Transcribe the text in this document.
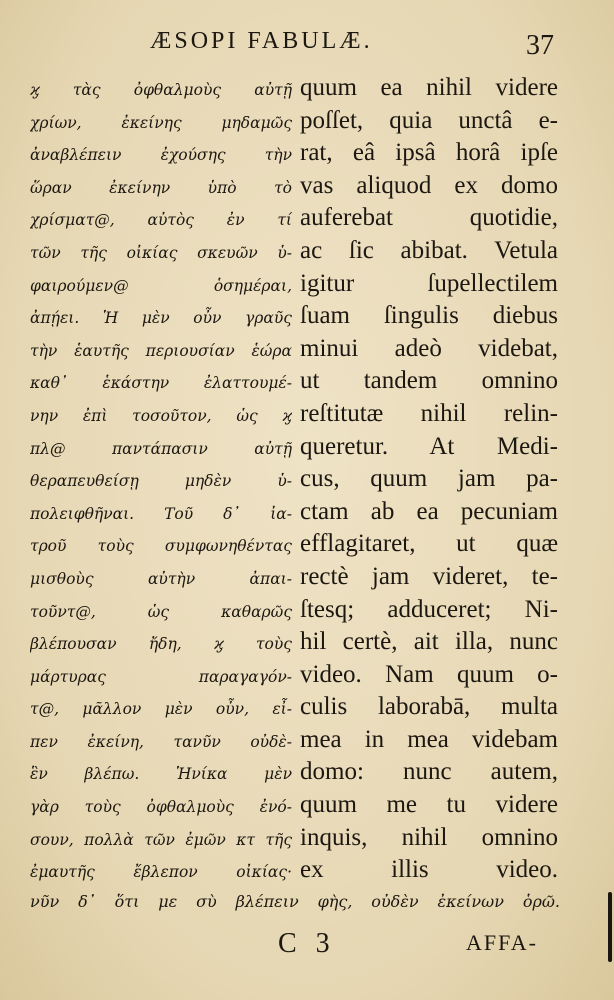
ÆSOPI FABULÆ.	37
ϗ τὰς ὀφθαλμοὺς αὐτῇ
χρίων, ἐκείνης μηδαμῶς
ἀναβλέπειν ἐχούσης τὴν
ὥραν ἐκείνην ὑπὸ τὸ
χρίσματ@, αὐτὸς ἐν τί
τῶν τῆς οἰκίας σκευῶν ὑ-
φαιρούμεν@ ὁσημέραι,
ἀπῄει. Ἡ μὲν οὖν γραῦς
τὴν ἑαυτῆς περιουσίαν ἑώρα
καθ᾽ ἑκάστην ἐλαττουμέ-
νην ἐπὶ τοσοῦτον, ὡς ϗ
πλ@ παντάπασιν αὐτῇ
θεραπευθείσῃ μηδὲν ὑ-
πολειφθῆναι. Τοῦ δ᾽ ἰα-
τροῦ τοὺς συμφωνηθέντας
μισθοὺς αὐτὴν ἀπαι-
τοῦντ@, ὡς καθαρῶς
βλέπουσαν ἤδη, ϗ τοὺς
μάρτυρας παραγαγόν-
τ@, μᾶλλον μὲν οὖν, εἶ-
πεν ἐκείνη, τανῦν οὐδὲ-
ἓν βλέπω. Ἡνίκα μὲν
γὰρ τοὺς ὀφθαλμοὺς ἐνό-
σουν, πολλὰ τῶν ἐμῶν κτ τῆς
ἐμαυτῆς ἔβλεπον οἰκίας·
quum ea nihil videre
poſſet, quia unctâ e-
rat, eâ ipsâ horâ ipſe
vas aliquod ex domo
auferebat quotidie,
ac ſic abibat. Vetula
igitur ſupellectilem
ſuam ſingulis diebus
minui adeò videbat,
ut tandem omnino
reſtitutæ nihil relin-
queretur. At Medi-
cus, quum jam pa-
ctam ab ea pecuniam
efflagitaret, ut quæ
rectè jam videret, te-
ſtesq; adduceret; Ni-
hil certè, ait illa, nunc
video. Nam quum o-
culis laborabā, multa
mea in mea videbam
domo: nunc autem,
quum me tu videre
inquis, nihil omnino
ex illis video.
νῦν δ᾽ ὅτι με σὺ βλέπειν φὴς, οὐδὲν ἐκείνων ὁρῶ.
C 3	AFFA-
